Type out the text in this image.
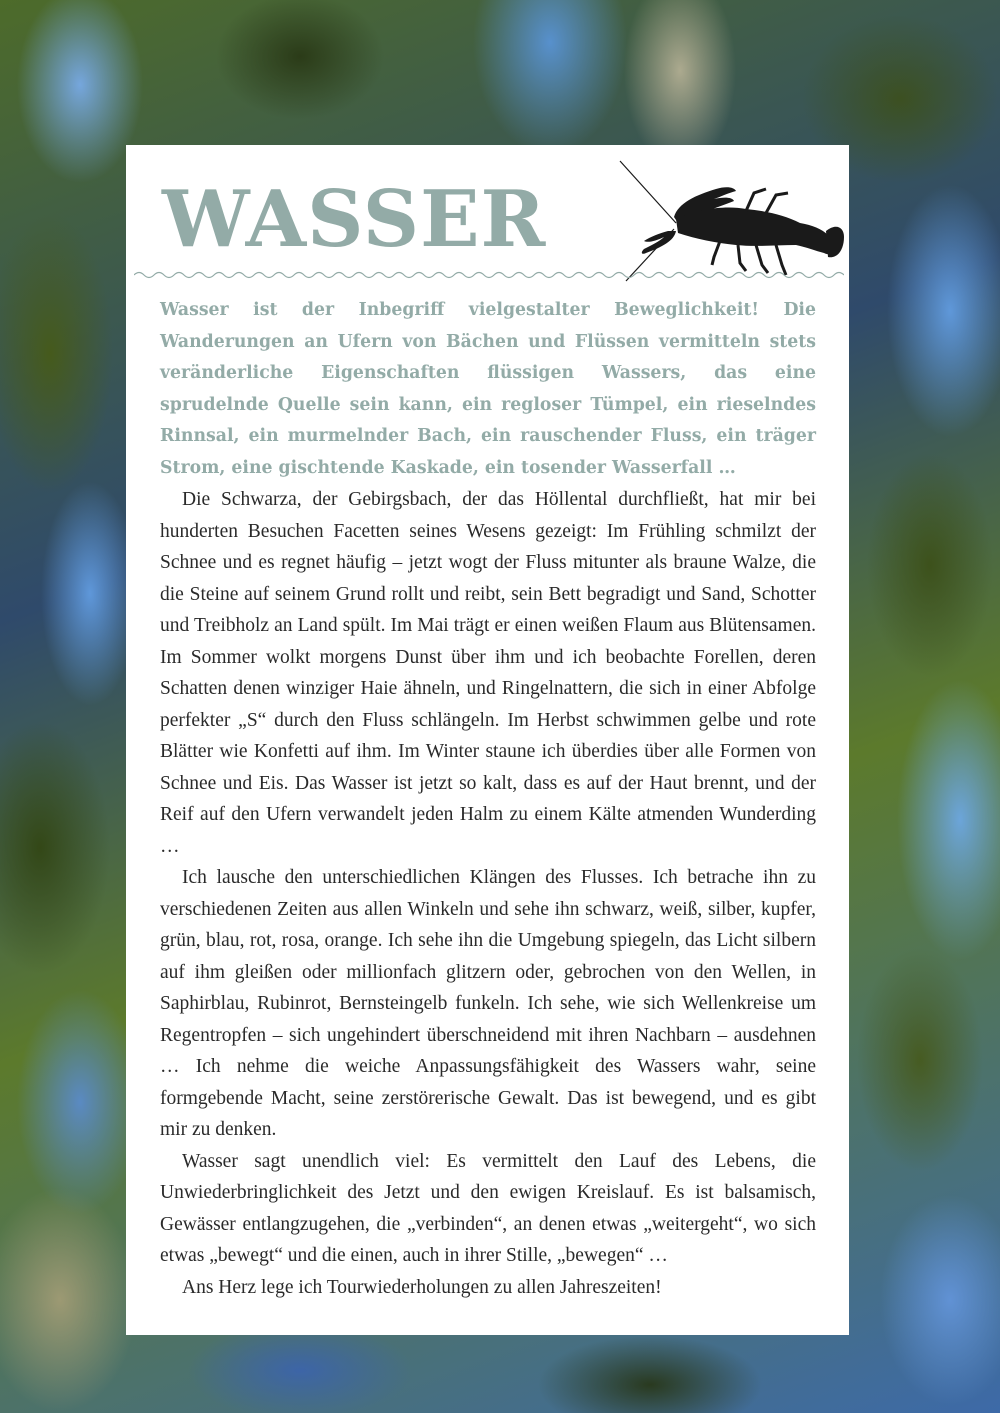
WASSER

Wasser ist der Inbegriff vielgestalter Beweglichkeit! Die Wanderungen an Ufern von Bächen und Flüssen vermitteln stets veränderliche Eigenschaften flüssigen Wassers, das eine sprudelnde Quelle sein kann, ein regloser Tümpel, ein rieselndes Rinnsal, ein murmelnder Bach, ein rauschender Fluss, ein träger Strom, eine gischtende Kaskade, ein tosender Wasserfall …

Die Schwarza, der Gebirgsbach, der das Höllental durchfließt, hat mir bei hunderten Besuchen Facetten seines Wesens gezeigt: Im Frühling schmilzt der Schnee und es regnet häufig – jetzt wogt der Fluss mitunter als braune Walze, die die Steine auf seinem Grund rollt und reibt, sein Bett begradigt und Sand, Schotter und Treibholz an Land spült. Im Mai trägt er einen weißen Flaum aus Blütensamen. Im Sommer wolkt morgens Dunst über ihm und ich beobachte Forellen, deren Schatten denen winziger Haie ähneln, und Ringelnattern, die sich in einer Abfolge perfekter „S“ durch den Fluss schlängeln. Im Herbst schwimmen gelbe und rote Blätter wie Konfetti auf ihm. Im Winter staune ich überdies über alle Formen von Schnee und Eis. Das Wasser ist jetzt so kalt, dass es auf der Haut brennt, und der Reif auf den Ufern verwandelt jeden Halm zu einem Kälte atmenden Wunderding …

Ich lausche den unterschiedlichen Klängen des Flusses. Ich betrache ihn zu verschiedenen Zeiten aus allen Winkeln und sehe ihn schwarz, weiß, silber, kupfer, grün, blau, rot, rosa, orange. Ich sehe ihn die Umgebung spiegeln, das Licht silbern auf ihm gleißen oder millionfach glitzern oder, gebrochen von den Wellen, in Saphirblau, Rubinrot, Bernsteingelb funkeln. Ich sehe, wie sich Wellenkreise um Regentropfen – sich ungehindert überschneidend mit ihren Nachbarn – ausdehnen … Ich nehme die weiche Anpassungsfähigkeit des Wassers wahr, seine formgebende Macht, seine zerstörerische Gewalt. Das ist bewegend, und es gibt mir zu denken.

Wasser sagt unendlich viel: Es vermittelt den Lauf des Lebens, die Unwiederbringlichkeit des Jetzt und den ewigen Kreislauf. Es ist balsamisch, Gewässer entlangzugehen, die „verbinden“, an denen etwas „weitergeht“, wo sich etwas „bewegt“ und die einen, auch in ihrer Stille, „bewegen“ …

Ans Herz lege ich Tourwiederholungen zu allen Jahreszeiten!
